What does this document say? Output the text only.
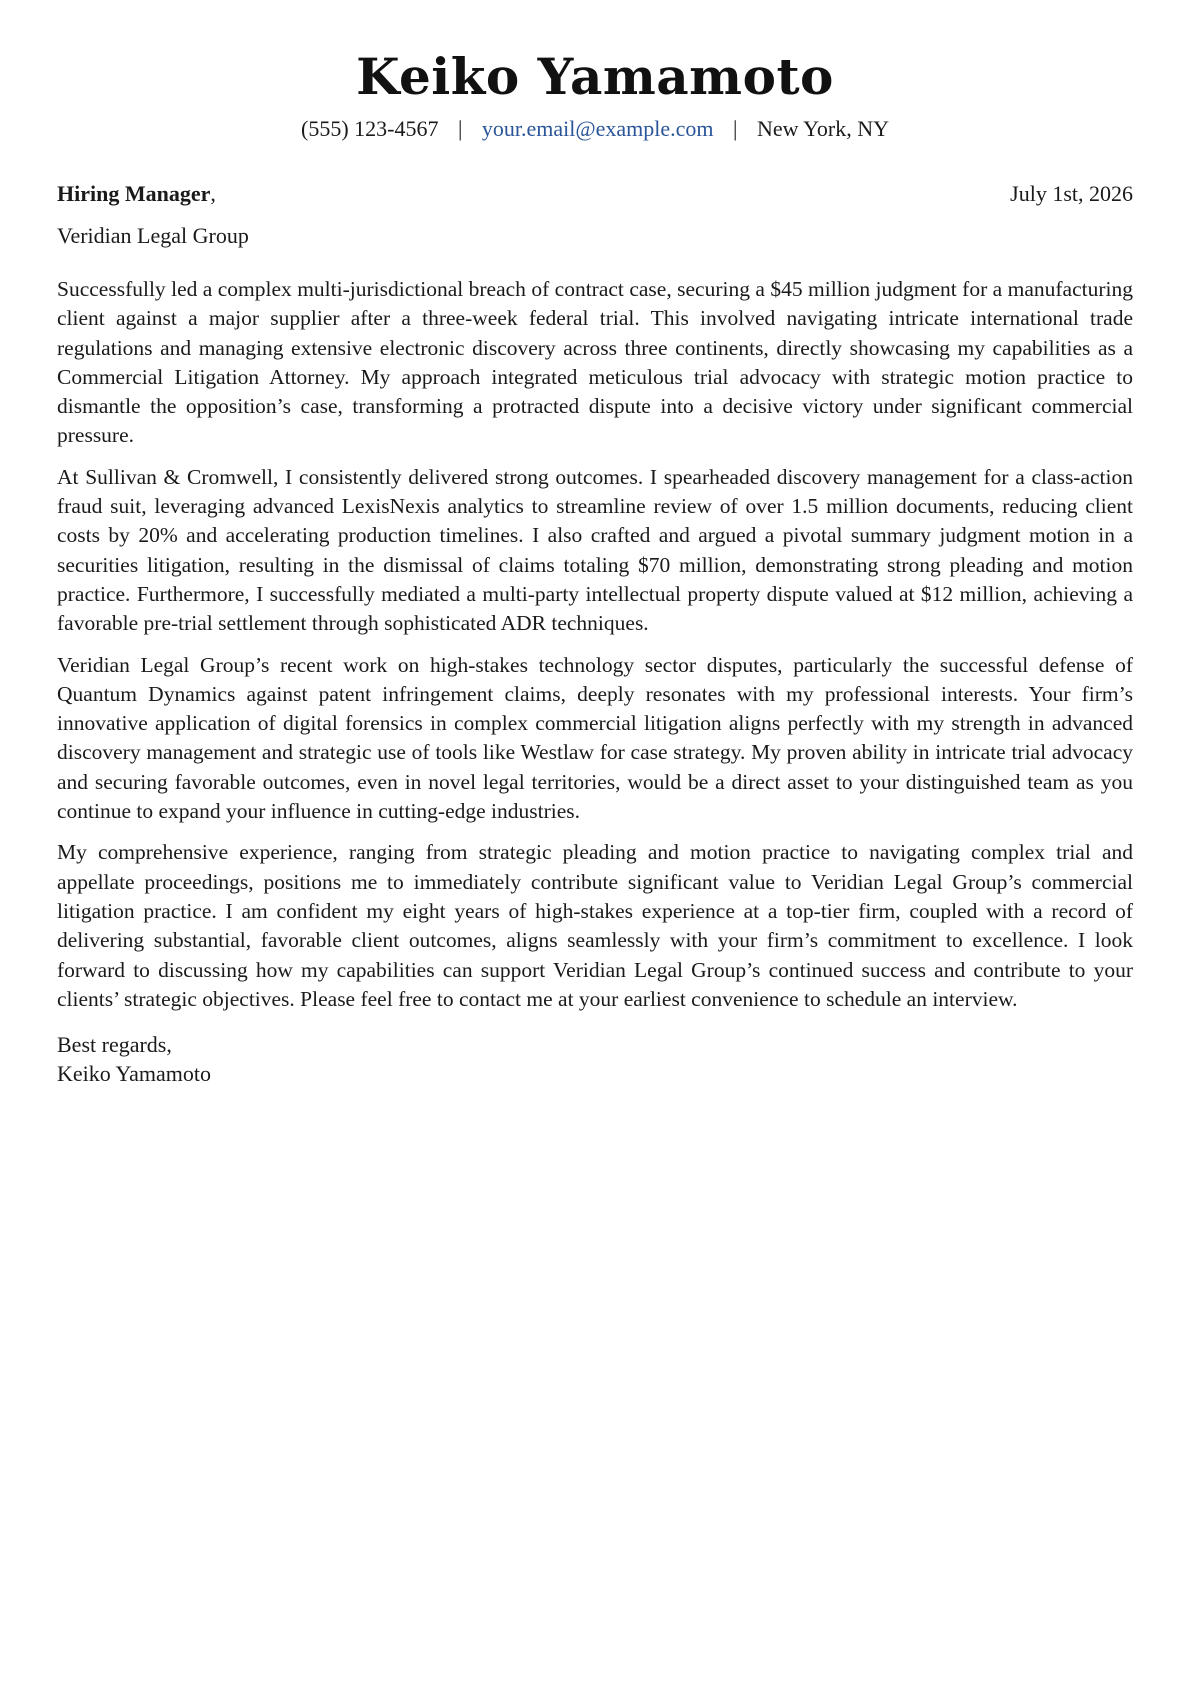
Keiko Yamamoto
(555) 123-4567 | your.email@example.com | New York, NY
Hiring Manager,	July 1st, 2026
Veridian Legal Group

Successfully led a complex multi-jurisdictional breach of contract case, securing a $45 million judgment for a manufacturing client against a major supplier after a three-week federal trial. This involved navigating intricate international trade regulations and managing extensive electronic discovery across three continents, directly showcasing my capabilities as a Commercial Litigation Attorney. My approach integrated meticulous trial advocacy with strategic motion practice to dismantle the opposition’s case, transforming a protracted dispute into a decisive victory under significant commercial pressure.

At Sullivan & Cromwell, I consistently delivered strong outcomes. I spearheaded discovery management for a class-action fraud suit, leveraging advanced LexisNexis analytics to streamline review of over 1.5 million documents, reducing client costs by 20% and accelerating production timelines. I also crafted and argued a pivotal summary judgment motion in a securities litigation, resulting in the dismissal of claims totaling $70 million, demonstrating strong pleading and motion practice. Furthermore, I successfully mediated a multi-party intellectual property dispute valued at $12 million, achieving a favorable pre-trial settlement through sophisticated ADR techniques.

Veridian Legal Group’s recent work on high-stakes technology sector disputes, particularly the successful defense of Quantum Dynamics against patent infringement claims, deeply resonates with my professional interests. Your firm’s innovative application of digital forensics in complex commercial litigation aligns perfectly with my strength in advanced discovery management and strategic use of tools like Westlaw for case strategy. My proven ability in intricate trial advocacy and securing favorable outcomes, even in novel legal territories, would be a direct asset to your distinguished team as you continue to expand your influence in cutting-edge industries.

My comprehensive experience, ranging from strategic pleading and motion practice to navigating complex trial and appellate proceedings, positions me to immediately contribute significant value to Veridian Legal Group’s commercial litigation practice. I am confident my eight years of high-stakes experience at a top-tier firm, coupled with a record of delivering substantial, favorable client outcomes, aligns seamlessly with your firm’s commitment to excellence. I look forward to discussing how my capabilities can support Veridian Legal Group’s continued success and contribute to your clients’ strategic objectives. Please feel free to contact me at your earliest convenience to schedule an interview.

Best regards,
Keiko Yamamoto
